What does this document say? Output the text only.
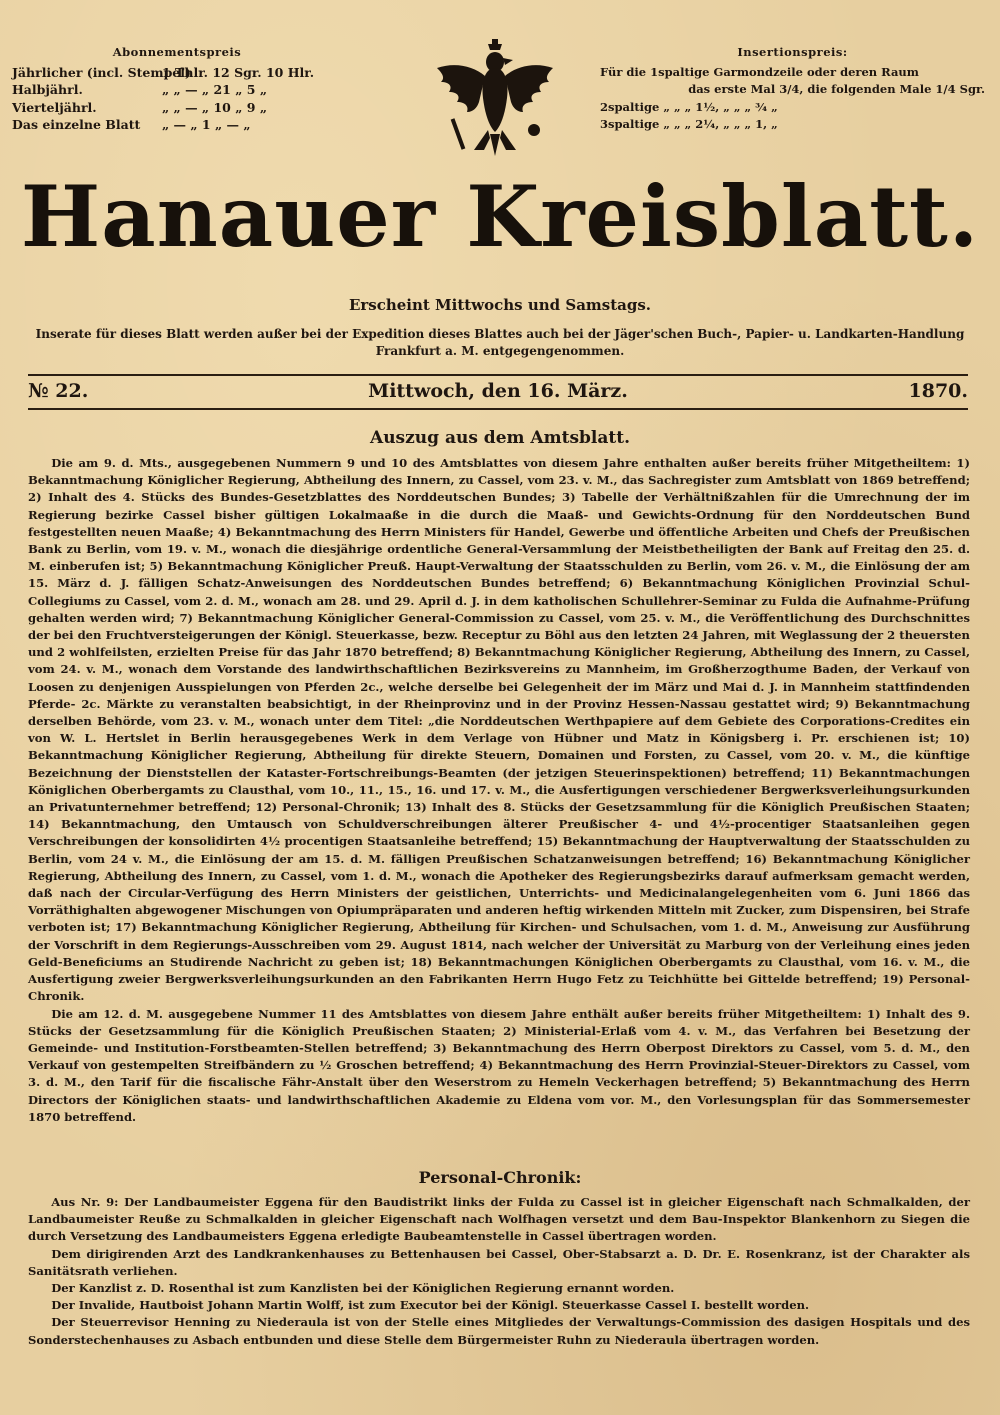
Abonnementspreis
Jährlicher (incl. Stempel)
1 Thlr. 12 Sgr. 10 Hlr.
Halbjährl.	„ „ — „ 21 „ 5 „
Vierteljährl.	„ „ — „ 10 „ 9 „
Das einzelne Blatt	„ — „ 1 „ — „
Insertionspreis:
Für die 1spaltige Garmondzeile oder deren Raum
das erste Mal 3/4, die folgenden Male 1/4 Sgr.
2spaltige „ „ „ 1½, „ „ „ ¾ „
3spaltige „ „ „ 2¼, „ „ „ 1, „
Hanauer Kreisblatt.
Erscheint Mittwochs und Samstags.
Inserate für dieses Blatt werden außer bei der Expedition dieses Blattes auch bei der Jäger'schen Buch-, Papier- u. Landkarten-Handlung
Frankfurt a. M. entgegengenommen.
Mittwoch, den 16. März.
№ 22.	1870.
Auszug aus dem Amtsblatt.

Die am 9. d. Mts., ausgegebenen Nummern 9 und 10 des Amtsblattes von diesem Jahre enthalten außer bereits früher Mitgetheiltem: 1) Bekanntmachung Königlicher Regierung, Abtheilung des Innern, zu Cassel, vom 23. v. M., das Sachregister zum Amtsblatt von 1869 betreffend; 2) Inhalt des 4. Stücks des Bundes-Gesetzblattes des Norddeutschen Bundes; 3) Tabelle der Verhältnißzahlen für die Umrechnung der im Regierung bezirke Cassel bisher gültigen Lokalmaaße in die durch die Maaß- und Gewichts-Ordnung für den Norddeutschen Bund festgestellten neuen Maaße; 4) Bekanntmachung des Herrn Ministers für Handel, Gewerbe und öffentliche Arbeiten und Chefs der Preußischen Bank zu Berlin, vom 19. v. M., wonach die diesjährige ordentliche General-Versammlung der Meistbetheiligten der Bank auf Freitag den 25. d. M. einberufen ist; 5) Bekanntmachung Königlicher Preuß. Haupt-Verwaltung der Staatsschulden zu Berlin, vom 26. v. M., die Einlösung der am 15. März d. J. fälligen Schatz-Anweisungen des Norddeutschen Bundes betreffend; 6) Bekanntmachung Königlichen Provinzial Schul-Collegiums zu Cassel, vom 2. d. M., wonach am 28. und 29. April d. J. in dem katholischen Schullehrer-Seminar zu Fulda die Aufnahme-Prüfung gehalten werden wird; 7) Bekanntmachung Königlicher General-Commission zu Cassel, vom 25. v. M., die Veröffentlichung des Durchschnittes der bei den Fruchtversteigerungen der Königl. Steuerkasse, bezw. Receptur zu Böhl aus den letzten 24 Jahren, mit Weglassung der 2 theuersten und 2 wohlfeilsten, erzielten Preise für das Jahr 1870 betreffend; 8) Bekanntmachung Königlicher Regierung, Abtheilung des Innern, zu Cassel, vom 24. v. M., wonach dem Vorstande des landwirthschaftlichen Bezirksvereins zu Mannheim, im Großherzogthume Baden, der Verkauf von Loosen zu denjenigen Ausspielungen von Pferden 2c., welche derselbe bei Gelegenheit der im März und Mai d. J. in Mannheim stattfindenden Pferde- 2c. Märkte zu veranstalten beabsichtigt, in der Rheinprovinz und in der Provinz Hessen-Nassau gestattet wird; 9) Bekanntmachung derselben Behörde, vom 23. v. M., wonach unter dem Titel: „die Norddeutschen Werthpapiere auf dem Gebiete des Corporations-Credites ein von W. L. Hertslet in Berlin herausgegebenes Werk in dem Verlage von Hübner und Matz in Königsberg i. Pr. erschienen ist; 10) Bekanntmachung Königlicher Regierung, Abtheilung für direkte Steuern, Domainen und Forsten, zu Cassel, vom 20. v. M., die künftige Bezeichnung der Dienststellen der Kataster-Fortschreibungs-Beamten (der jetzigen Steuerinspektionen) betreffend; 11) Bekanntmachungen Königlichen Oberbergamts zu Clausthal, vom 10., 11., 15., 16. und 17. v. M., die Ausfertigungen verschiedener Bergwerksverleihungsurkunden an Privatunternehmer betreffend; 12) Personal-Chronik; 13) Inhalt des 8. Stücks der Gesetzsammlung für die Königlich Preußischen Staaten; 14) Bekanntmachung, den Umtausch von Schuldverschreibungen älterer Preußischer 4- und 4½-procentiger Staatsanleihen gegen Verschreibungen der konsolidirten 4½ procentigen Staatsanleihe betreffend; 15) Bekanntmachung der Hauptverwaltung der Staatsschulden zu Berlin, vom 24 v. M., die Einlösung der am 15. d. M. fälligen Preußischen Schatzanweisungen betreffend; 16) Bekanntmachung Königlicher Regierung, Abtheilung des Innern, zu Cassel, vom 1. d. M., wonach die Apotheker des Regierungsbezirks darauf aufmerksam gemacht werden, daß nach der Circular-Verfügung des Herrn Ministers der geistlichen, Unterrichts- und Medicinalangelegenheiten vom 6. Juni 1866 das Vorräthighalten abgewogener Mischungen von Opiumpräparaten und anderen heftig wirkenden Mitteln mit Zucker, zum Dispensiren, bei Strafe verboten ist; 17) Bekanntmachung Königlicher Regierung, Abtheilung für Kirchen- und Schulsachen, vom 1. d. M., Anweisung zur Ausführung der Vorschrift in dem Regierungs-Ausschreiben vom 29. August 1814, nach welcher der Universität zu Marburg von der Verleihung eines jeden Geld-Beneficiums an Studirende Nachricht zu geben ist; 18) Bekanntmachungen Königlichen Oberbergamts zu Clausthal, vom 16. v. M., die Ausfertigung zweier Bergwerksverleihungsurkunden an den Fabrikanten Herrn Hugo Fetz zu Teichhütte bei Gittelde betreffend; 19) Personal-Chronik.

Die am 12. d. M. ausgegebene Nummer 11 des Amtsblattes von diesem Jahre enthält außer bereits früher Mitgetheiltem: 1) Inhalt des 9. Stücks der Gesetzsammlung für die Königlich Preußischen Staaten; 2) Ministerial-Erlaß vom 4. v. M., das Verfahren bei Besetzung der Gemeinde- und Institution-Forstbeamten-Stellen betreffend; 3) Bekanntmachung des Herrn Oberpost Direktors zu Cassel, vom 5. d. M., den Verkauf von gestempelten Streifbändern zu ½ Groschen betreffend; 4) Bekanntmachung des Herrn Provinzial-Steuer-Direktors zu Cassel, vom 3. d. M., den Tarif für die fiscalische Fähr-Anstalt über den Weserstrom zu Hemeln Veckerhagen betreffend; 5) Bekanntmachung des Herrn Directors der Königlichen staats- und landwirthschaftlichen Akademie zu Eldena vom vor. M., den Vorlesungsplan für das Sommersemester 1870 betreffend.

Personal-Chronik:

Aus Nr. 9: Der Landbaumeister Eggena für den Baudistrikt links der Fulda zu Cassel ist in gleicher Eigenschaft nach Schmalkalden, der Landbaumeister Reuße zu Schmalkalden in gleicher Eigenschaft nach Wolfhagen versetzt und dem Bau-Inspektor Blankenhorn zu Siegen die durch Versetzung des Landbaumeisters Eggena erledigte Baubeamtenstelle in Cassel übertragen worden.

Dem dirigirenden Arzt des Landkrankenhauses zu Bettenhausen bei Cassel, Ober-Stabsarzt a. D. Dr. E. Rosenkranz, ist der Charakter als Sanitätsrath verliehen.

Der Kanzlist z. D. Rosenthal ist zum Kanzlisten bei der Königlichen Regierung ernannt worden.

Der Invalide, Hautboist Johann Martin Wolff, ist zum Executor bei der Königl. Steuerkasse Cassel I. bestellt worden.

Der Steuerrevisor Henning zu Niederaula ist von der Stelle eines Mitgliedes der Verwaltungs-Commission des dasigen Hospitals und des Sonderstechenhauses zu Asbach entbunden und diese Stelle dem Bürgermeister Ruhn zu Niederaula übertragen worden.
